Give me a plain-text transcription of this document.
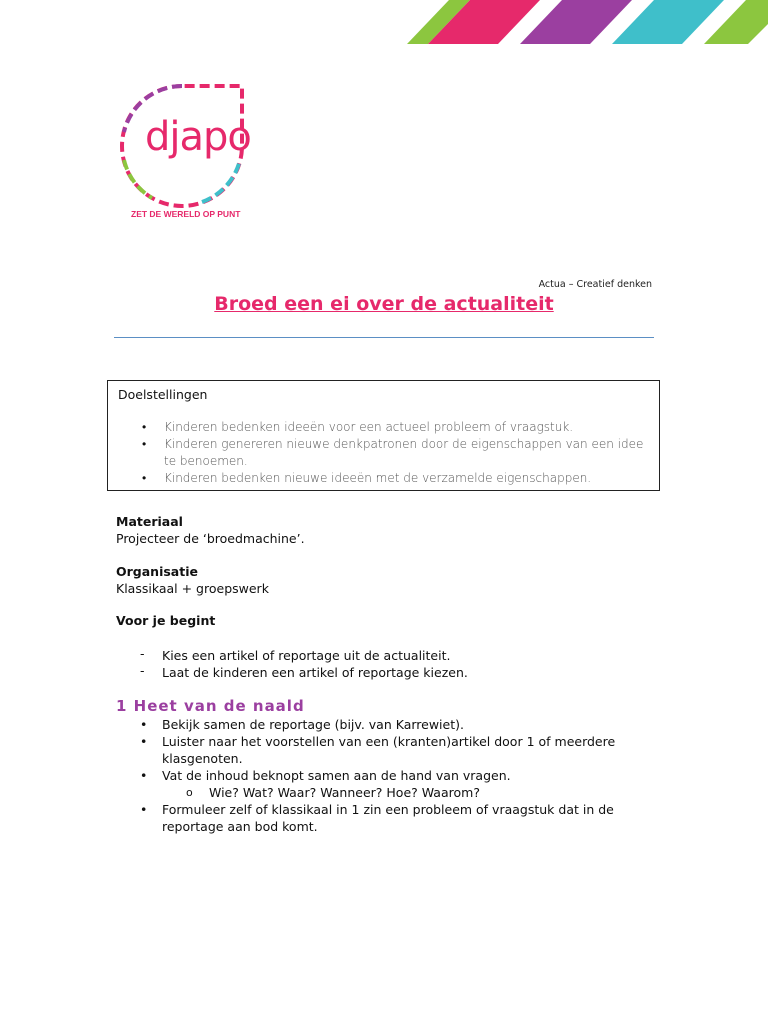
djapo
ZET DE WERELD OP PUNT
Actua – Creatief denken
Broed een ei over de actualiteit
Doelstellingen
• Kinderen bedenken ideeën voor een actueel probleem of vraagstuk.
• Kinderen genereren nieuwe denkpatronen door de eigenschappen van een idee te benoemen.
• Kinderen bedenken nieuwe ideeën met de verzamelde eigenschappen.
Materiaal
Projecteer de ‘broedmachine’.
Organisatie
Klassikaal + groepswerk
Voor je begint
- Kies een artikel of reportage uit de actualiteit.
- Laat de kinderen een artikel of reportage kiezen.
1 Heet van de naald
• Bekijk samen de reportage (bijv. van Karrewiet).
• Luister naar het voorstellen van een (kranten)artikel door 1 of meerdere klasgenoten.
• Vat de inhoud beknopt samen aan de hand van vragen.
o Wie? Wat? Waar? Wanneer? Hoe? Waarom?
• Formuleer zelf of klassikaal in 1 zin een probleem of vraagstuk dat in de reportage aan bod komt.
